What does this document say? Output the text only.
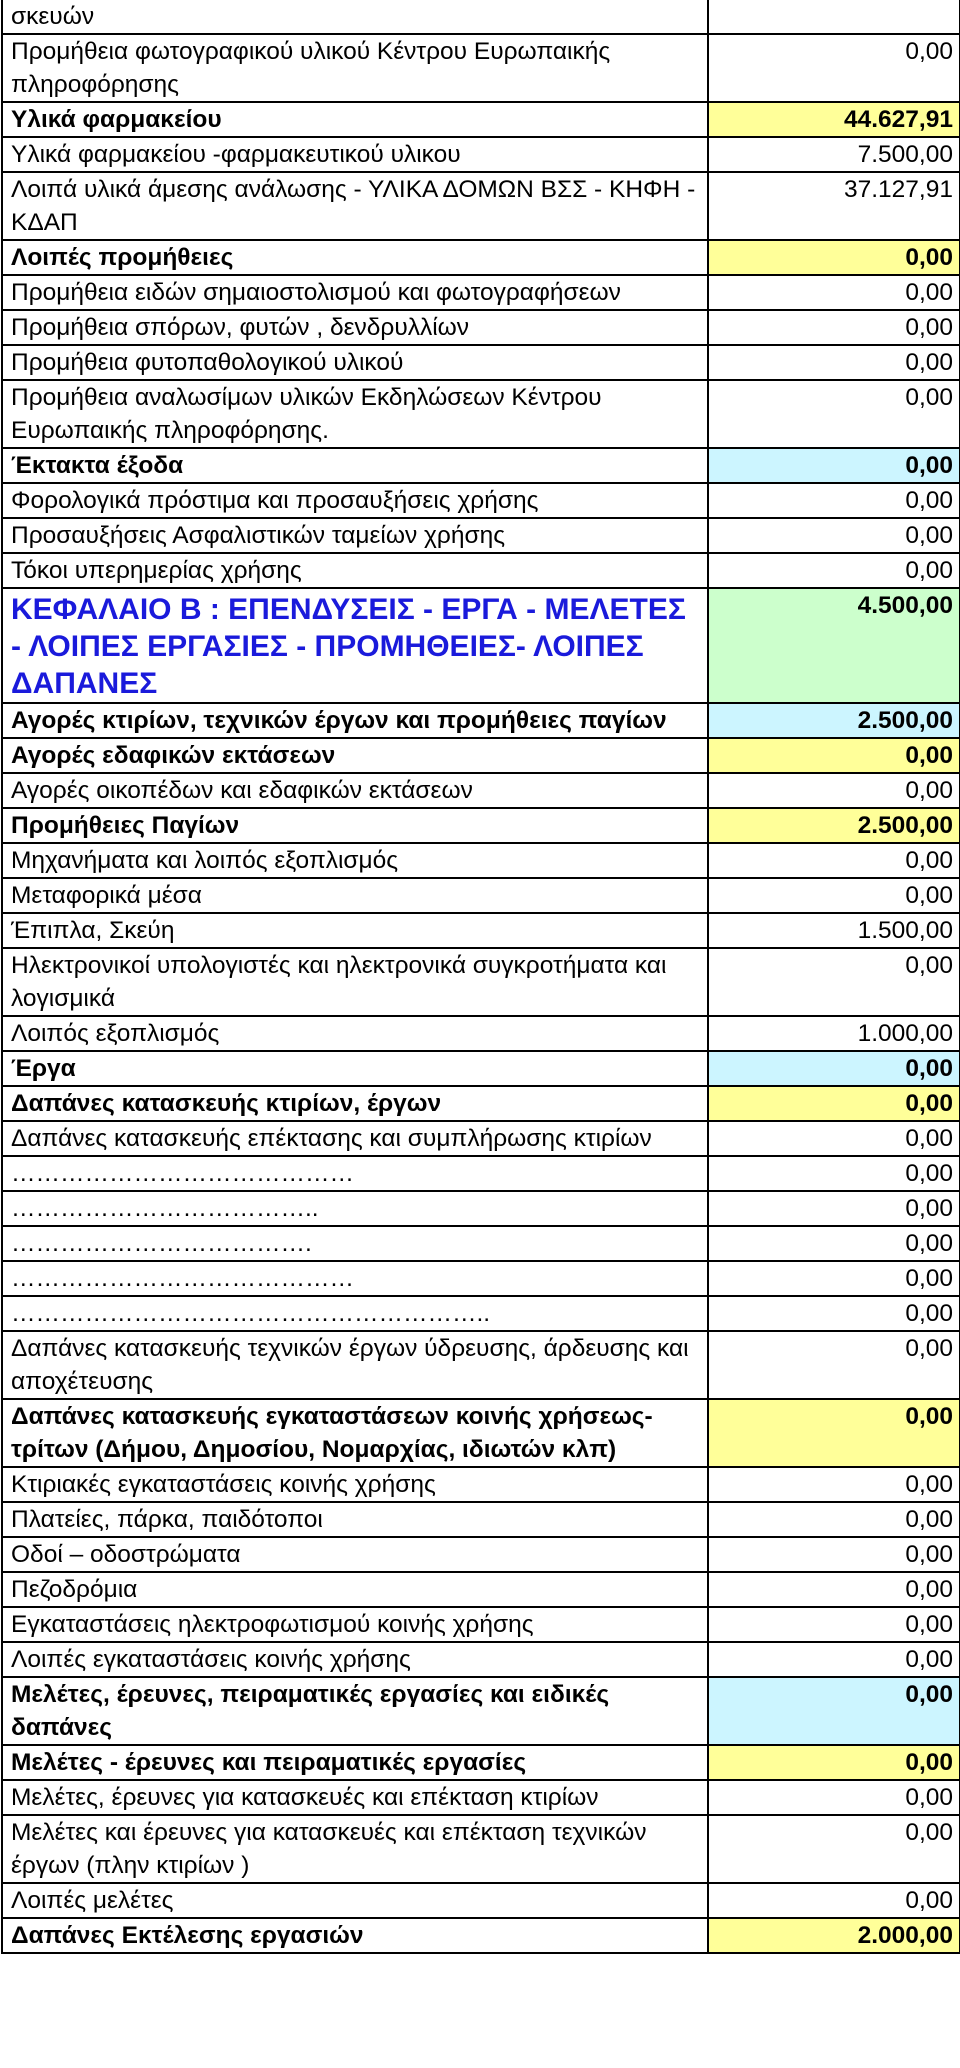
σκευών	
Προμήθεια φωτογραφικού υλικού Κέντρου Ευρωπαικής πληροφόρησης	0,00
Υλικά φαρμακείου	44.627,91
Υλικά φαρμακείου -φαρμακευτικού υλικου	7.500,00
Λοιπά υλικά άμεσης ανάλωσης - ΥΛΙΚΑ ΔΟΜΩΝ ΒΣΣ - ΚΗΦΗ - ΚΔΑΠ	37.127,91
Λοιπές προμήθειες	0,00
Προμήθεια ειδών σημαιοστολισμού και φωτογραφήσεων	0,00
Προμήθεια σπόρων, φυτών , δενδρυλλίων	0,00
Προμήθεια φυτοπαθολογικού υλικού	0,00
Προμήθεια αναλωσίμων υλικών Εκδηλώσεων Κέντρου Ευρωπαικής πληροφόρησης.	0,00
Έκτακτα έξοδα	0,00
Φορολογικά πρόστιμα και προσαυξήσεις χρήσης	0,00
Προσαυξήσεις Ασφαλιστικών ταμείων χρήσης	0,00
Τόκοι υπερημερίας χρήσης	0,00
ΚΕΦΑΛΑΙΟ Β : ΕΠΕΝΔΥΣΕΙΣ - ΕΡΓΑ - ΜΕΛΕΤΕΣ - ΛΟΙΠΕΣ ΕΡΓΑΣΙΕΣ - ΠΡΟΜΗΘΕΙΕΣ- ΛΟΙΠΕΣ ΔΑΠΑΝΕΣ	4.500,00
Αγορές κτιρίων, τεχνικών έργων και προμήθειες παγίων	2.500,00
Αγορές εδαφικών εκτάσεων	0,00
Αγορές οικοπέδων και εδαφικών εκτάσεων	0,00
Προμήθειες Παγίων	2.500,00
Μηχανήματα και λοιπός εξοπλισμός	0,00
Μεταφορικά μέσα	0,00
Έπιπλα, Σκεύη	1.500,00
Ηλεκτρονικοί υπολογιστές και ηλεκτρονικά συγκροτήματα και λογισμικά	0,00
Λοιπός εξοπλισμός	1.000,00
Έργα	0,00
Δαπάνες κατασκευής κτιρίων, έργων	0,00
Δαπάνες κατασκευής επέκτασης και συμπλήρωσης κτιρίων	0,00
……………………………………	0,00
………………………………..	0,00
……………………………….	0,00
……………………………………	0,00
…………………………………………………..	0,00
Δαπάνες κατασκευής τεχνικών έργων ύδρευσης, άρδευσης και αποχέτευσης	0,00
Δαπάνες κατασκευής εγκαταστάσεων κοινής χρήσεως- τρίτων (Δήμου, Δημοσίου, Νομαρχίας, ιδιωτών κλπ)	0,00
Κτιριακές εγκαταστάσεις κοινής χρήσης	0,00
Πλατείες, πάρκα, παιδότοποι	0,00
Οδοί – οδοστρώματα	0,00
Πεζοδρόμια	0,00
Εγκαταστάσεις ηλεκτροφωτισμού κοινής χρήσης	0,00
Λοιπές εγκαταστάσεις κοινής χρήσης	0,00
Μελέτες, έρευνες, πειραματικές εργασίες και ειδικές δαπάνες	0,00
Μελέτες - έρευνες και πειραματικές εργασίες	0,00
Μελέτες, έρευνες για κατασκευές και επέκταση κτιρίων	0,00
Μελέτες και έρευνες για κατασκευές και επέκταση τεχνικών έργων (πλην κτιρίων )	0,00
Λοιπές μελέτες	0,00
Δαπάνες Εκτέλεσης εργασιών	2.000,00
